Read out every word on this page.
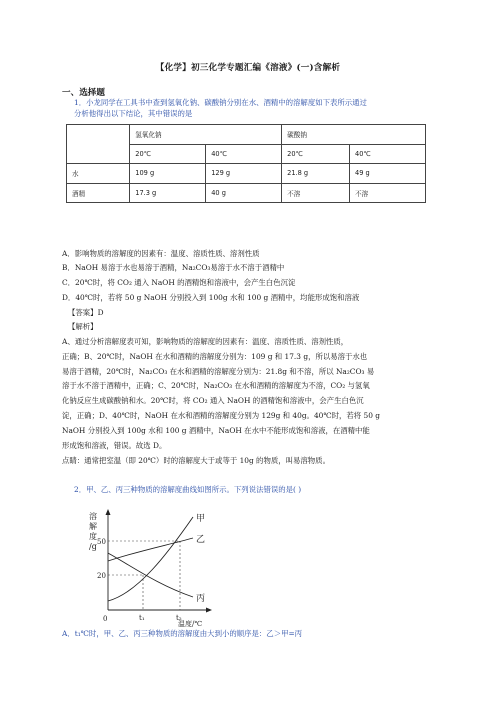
【化学】初三化学专题汇编《溶液》(一)含解析
一、选择题
1．小龙同学在工具书中查到氢氧化钠、碳酸钠分别在水、酒精中的溶解度如下表所示通过
分析他得出以下结论，其中错误的是
	氢氧化钠		碳酸钠	
	20℃	40℃	20℃	40℃
水	109 g	129 g	21.8 g	49 g
酒精	17.3 g	40 g	不溶	不溶
A．影响物质的溶解度的因素有：温度、溶质性质、溶剂性质
B．NaOH 易溶于水也易溶于酒精，Na₂CO₃易溶于水不溶于酒精中
C．20℃时，将 CO₂ 通入 NaOH 的酒精饱和溶液中，会产生白色沉淀
D．40℃时，若将 50 g NaOH 分别投入到 100g 水和 100 g 酒精中，均能形成饱和溶液
【答案】D
【解析】
A、通过分析溶解度表可知，影响物质的溶解度的因素有：温度、溶质性质、溶剂性质，
正确；B、20℃时，NaOH 在水和酒精的溶解度分别为：109 g 和 17.3 g，所以易溶于水也
易溶于酒精，20℃时，Na₂CO₃ 在水和酒精的溶解度分别为：21.8g 和不溶，所以 Na₂CO₃ 易
溶于水不溶于酒精中，正确；C、20℃时，Na₂CO₃ 在水和酒精的溶解度为不溶，CO₂ 与氢氧
化钠反应生成碳酸钠和水。20℃时，将 CO₂ 通入 NaOH 的酒精饱和溶液中，会产生白色沉
淀，正确；D、40℃时，NaOH 在水和酒精的溶解度分别为 129g 和 40g。40℃时，若将 50 g
NaOH 分别投入到 100g 水和 100 g 酒精中，NaOH 在水中不能形成饱和溶液，在酒精中能
形成饱和溶液，错误。故选 D。
点睛：通常把室温（即 20℃）时的溶解度大于或等于 10g 的物质，叫易溶物质。
2．甲、乙、丙三种物质的溶解度曲线如图所示。下列说法错误的是( )
溶
解
度
/g 50
20
0	t₁	t₂
温度/℃
甲
乙
丙
A．t₁℃时，甲、乙、丙三种物质的溶解度由大到小的顺序是：乙＞甲=丙
